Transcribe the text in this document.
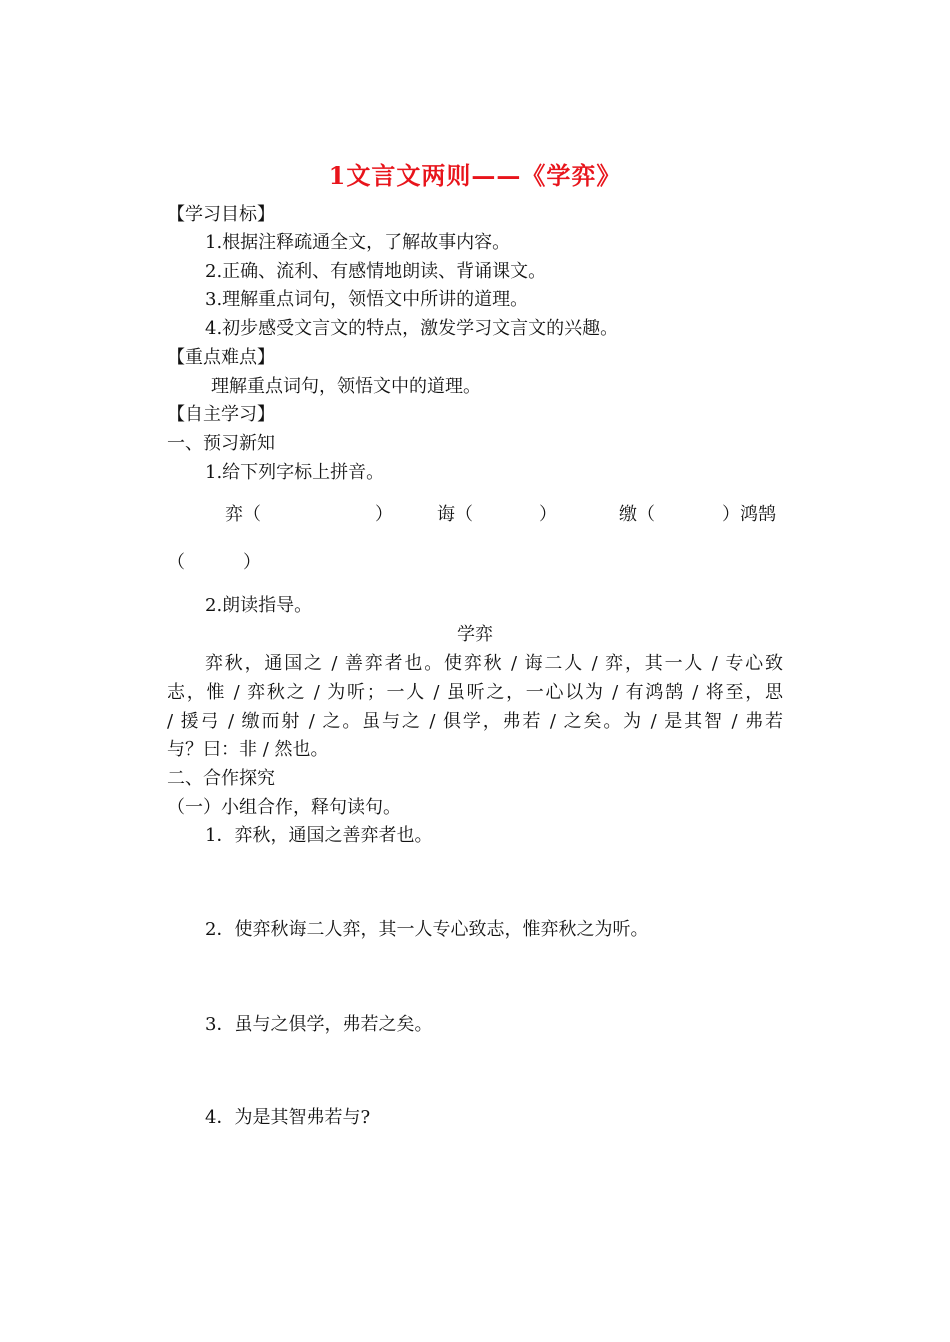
1文言文两则——《学弈》
【学习目标】
1.根据注释疏通全文，了解故事内容。
2.正确、流利、有感情地朗读、背诵课文。
3.理解重点词句，领悟文中所讲的道理。
4.初步感受文言文的特点，激发学习文言文的兴趣。
【重点难点】
理解重点词句，领悟文中的道理。
【自主学习】
一、预习新知
1.给下列字标上拼音。
弈（	） 诲（	）	缴（	）鸿鹄
（	）
2.朗读指导。
学弈
弈秋，通国之 / 善弈者也。使弈秋 / 诲二人 / 弈，其一人 / 专心致
志，惟 / 弈秋之 / 为听；一人 / 虽听之，一心以为 / 有鸿鹄 / 将至，思
/ 援弓 / 缴而射 / 之。虽与之 / 俱学，弗若 / 之矣。为 / 是其智 / 弗若
与？曰：非 / 然也。
二、合作探究
（一）小组合作，释句读句。
1．弈秋，通国之善弈者也。
2．使弈秋诲二人弈，其一人专心致志，惟弈秋之为听。
3．虽与之俱学，弗若之矣。
4．为是其智弗若与?
